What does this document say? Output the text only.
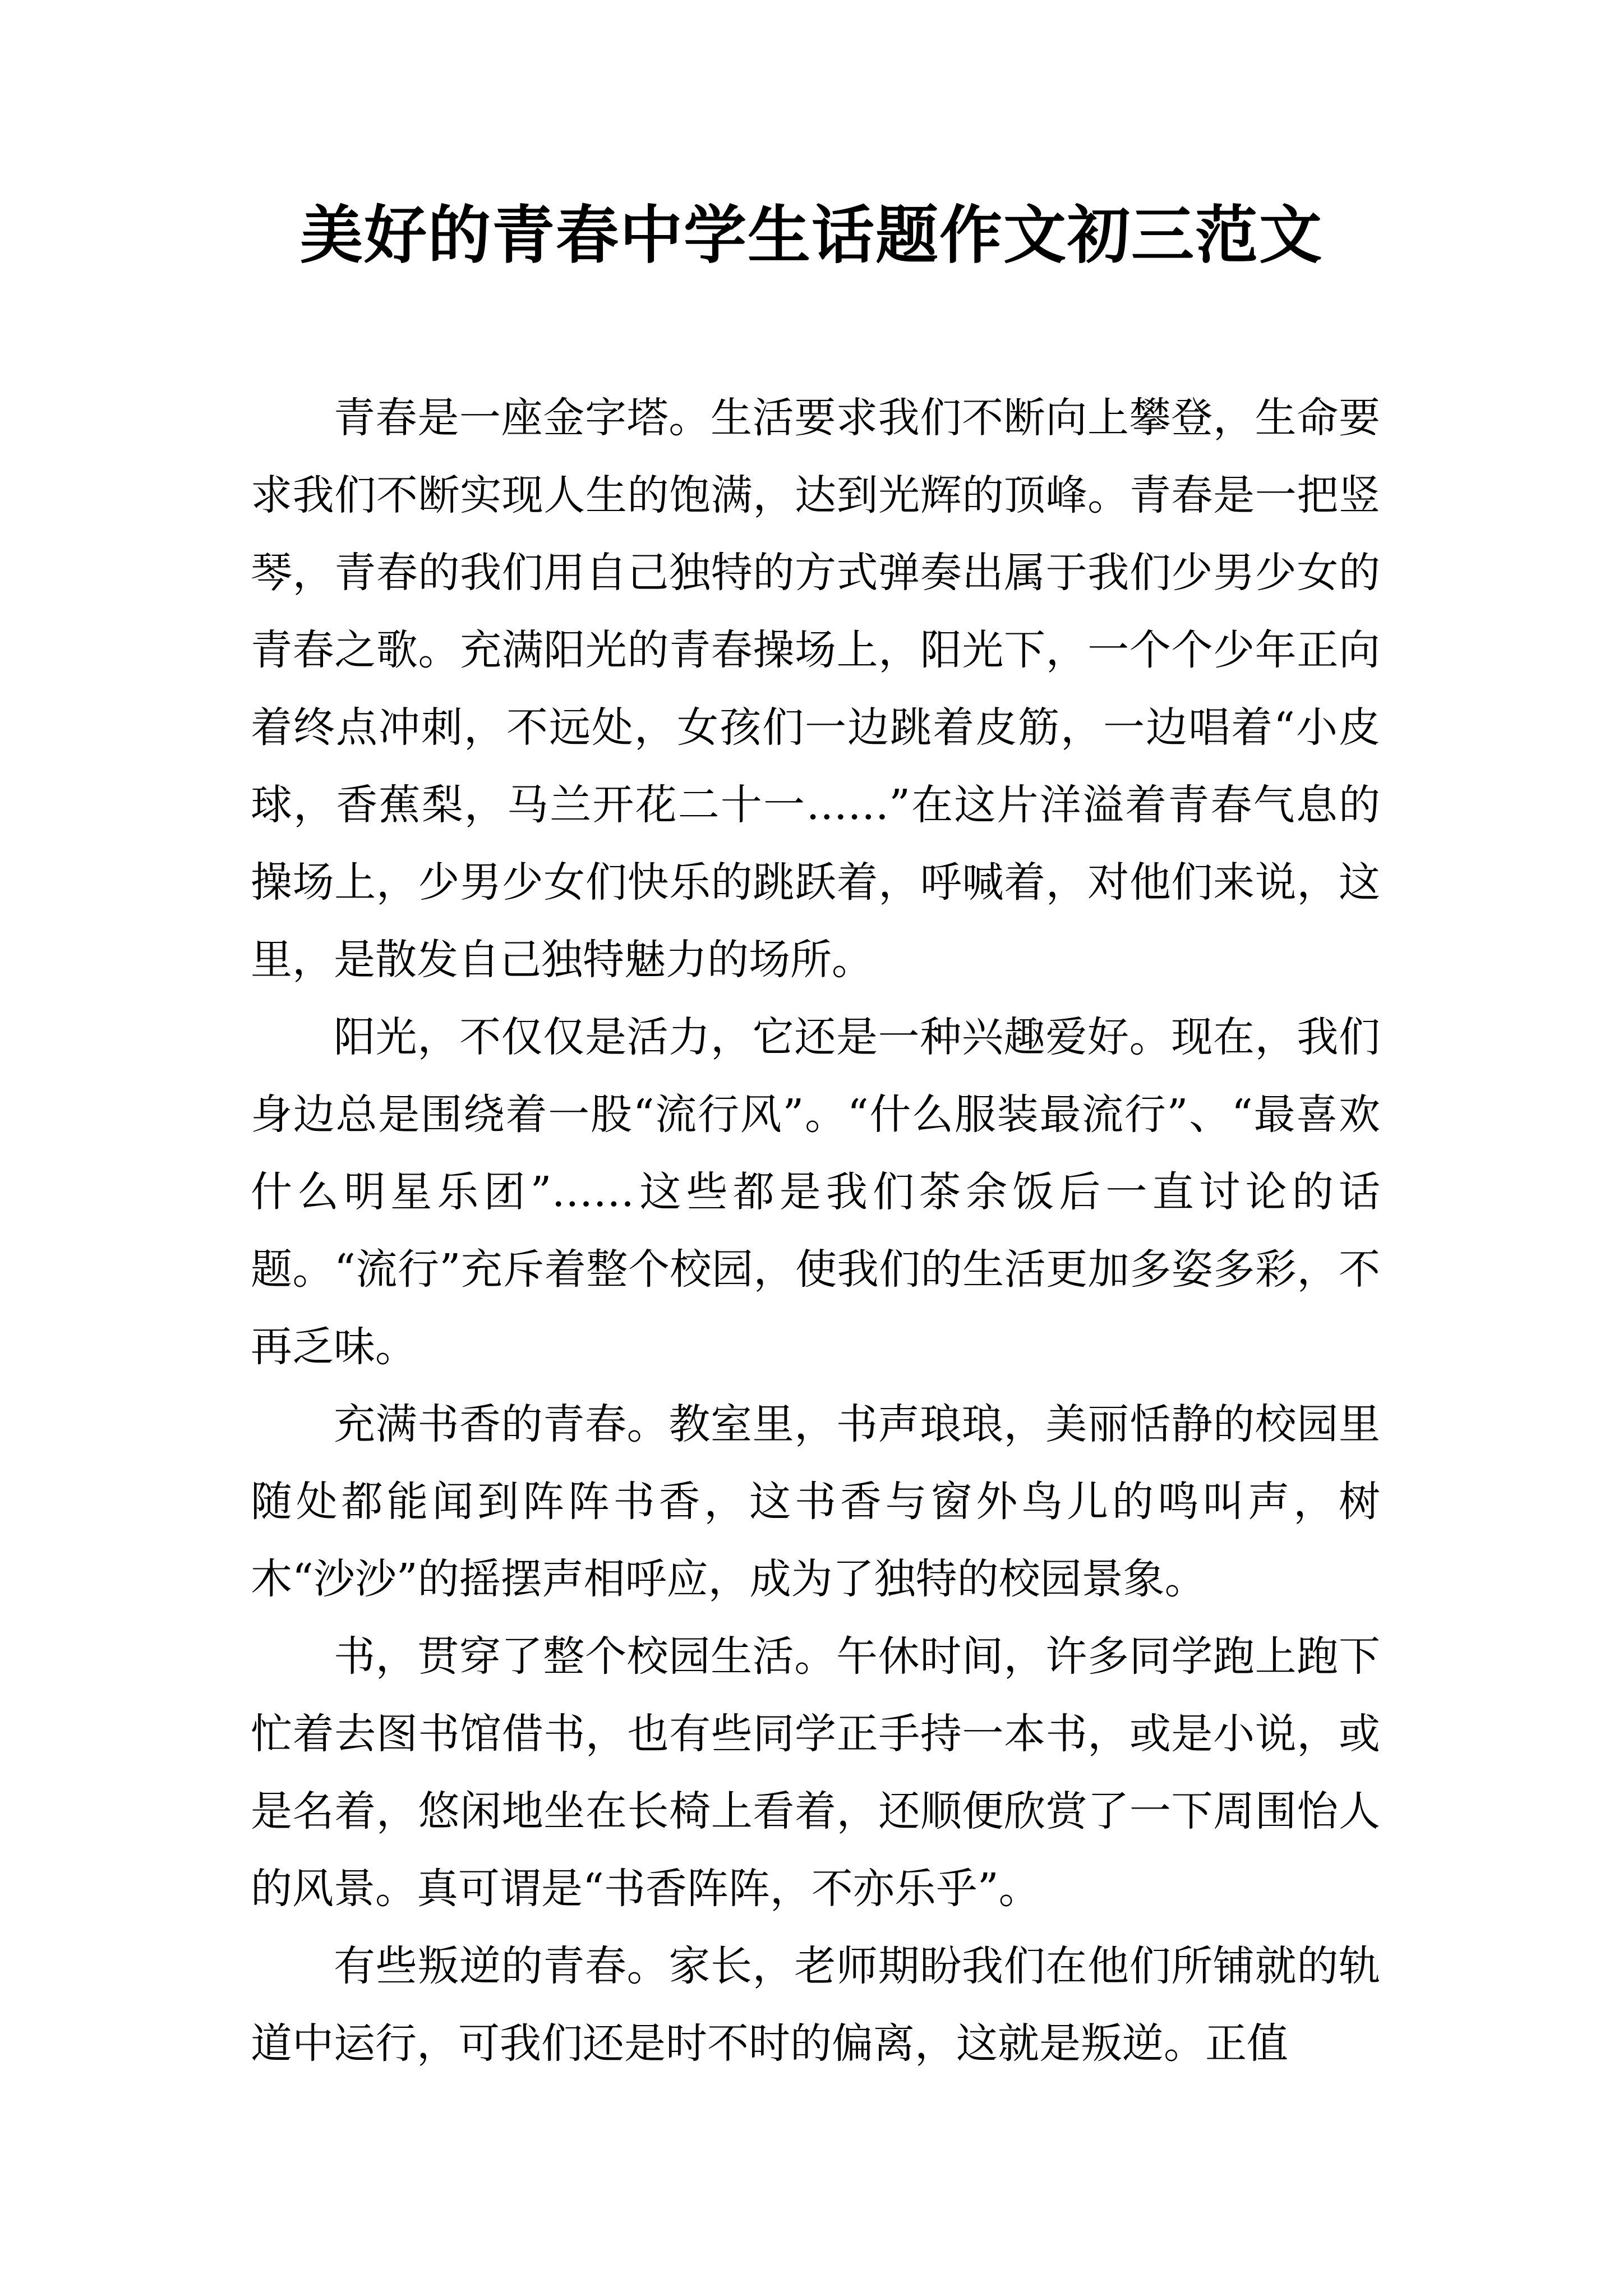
美好的青春中学生话题作文初三范文

青春是一座金字塔。生活要求我们不断向上攀登，生命要求我们不断实现人生的饱满，达到光辉的顶峰。青春是一把竖琴，青春的我们用自己独特的方式弹奏出属于我们少男少女的青春之歌。充满阳光的青春操场上，阳光下，一个个少年正向着终点冲刺，不远处，女孩们一边跳着皮筋，一边唱着“小皮球，香蕉梨，马兰开花二十一……”在这片洋溢着青春气息的操场上，少男少女们快乐的跳跃着，呼喊着，对他们来说，这里，是散发自己独特魅力的场所。

阳光，不仅仅是活力，它还是一种兴趣爱好。现在，我们身边总是围绕着一股“流行风”。“什么服装最流行”、“最喜欢什么明星乐团”……这些都是我们茶余饭后一直讨论的话题。“流行”充斥着整个校园，使我们的生活更加多姿多彩，不再乏味。

充满书香的青春。教室里，书声琅琅，美丽恬静的校园里随处都能闻到阵阵书香，这书香与窗外鸟儿的鸣叫声，树木“沙沙”的摇摆声相呼应，成为了独特的校园景象。

书，贯穿了整个校园生活。午休时间，许多同学跑上跑下忙着去图书馆借书，也有些同学正手持一本书，或是小说，或是名着，悠闲地坐在长椅上看着，还顺便欣赏了一下周围怡人的风景。真可谓是“书香阵阵，不亦乐乎”。

有些叛逆的青春。家长，老师期盼我们在他们所铺就的轨道中运行，可我们还是时不时的偏离，这就是叛逆。正值
